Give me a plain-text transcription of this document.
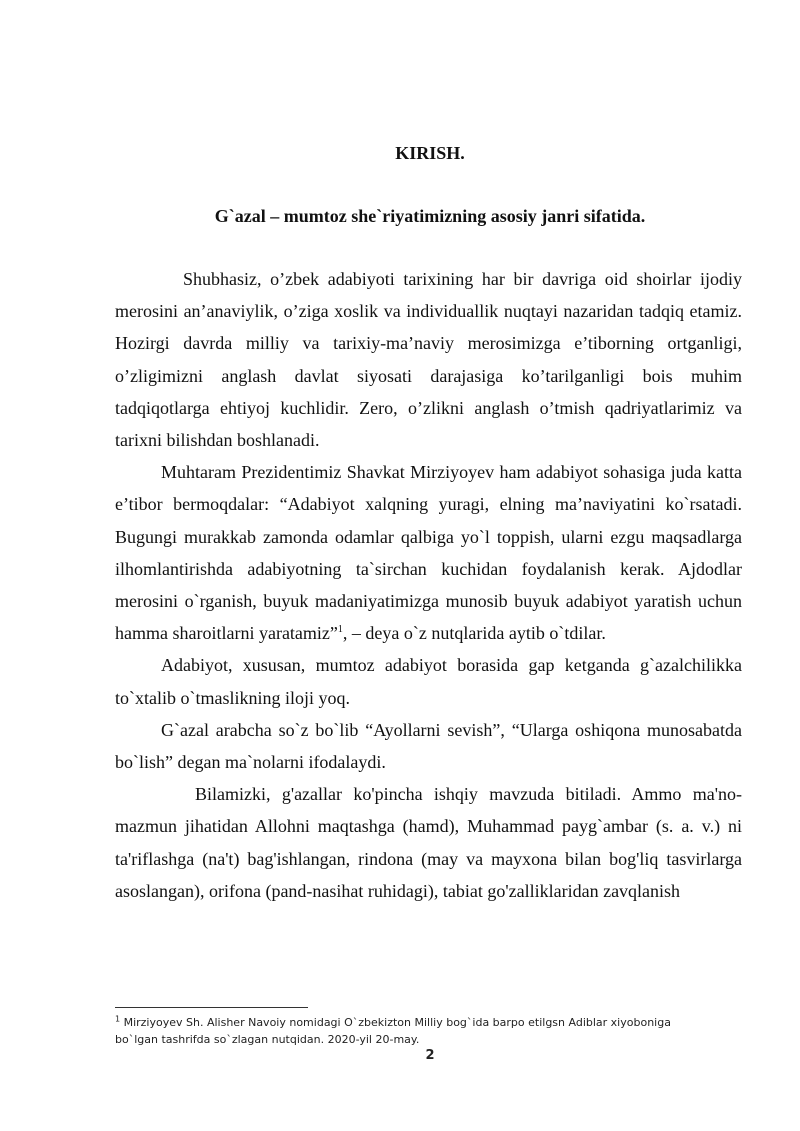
KIRISH.
G`azal – mumtoz she`riyatimizning asosiy janri sifatida.

Shubhasiz, o’zbek adabiyoti tarixining har bir davriga oid shoirlar ijodiy merosini an’anaviylik, o’ziga xoslik va individuallik nuqtayi nazaridan tadqiq etamiz. Hozirgi davrda milliy va tarixiy-ma’naviy merosimizga e’tiborning ortganligi, o’zligimizni anglash davlat siyosati darajasiga ko’tarilganligi bois muhim tadqiqotlarga ehtiyoj kuchlidir. Zero, o’zlikni anglash o’tmish qadriyatlarimiz va tarixni bilishdan boshlanadi.

Muhtaram Prezidentimiz Shavkat Mirziyoyev ham adabiyot sohasiga juda katta e’tibor bermoqdalar: “Adabiyot xalqning yuragi, elning ma’naviyatini ko`rsatadi. Bugungi murakkab zamonda odamlar qalbiga yo`l toppish, ularni ezgu maqsadlarga ilhomlantirishda adabiyotning ta`sirchan kuchidan foydalanish kerak. Ajdodlar merosini o`rganish, buyuk madaniyatimizga munosib buyuk adabiyot yaratish uchun hamma sharoitlarni yaratamiz”$^1$, – deya o`z nutqlarida aytib o`tdilar.

Adabiyot, xususan, mumtoz adabiyot borasida gap ketganda g`azalchilikka to`xtalib o`tmaslikning iloji yoq.

G`azal arabcha so`z bo`lib “Ayollarni sevish”, “Ularga oshiqona munosabatda bo`lish” degan ma`nolarni ifodalaydi.

Bilamizki, g'azallar ko'pincha ishqiy mavzuda bitiladi. Ammo ma'no-mazmun jihatidan Allohni maqtashga (hamd), Muhammad payg`ambar (s. a. v.) ni ta'riflashga (na't) bag'ishlangan, rindona (may va mayxona bilan bog'liq tasvirlarga asoslangan), orifona (pand-nasihat ruhidagi), tabiat go'zalliklaridan zavqlanish

$^1$ Mirziyoyev Sh. Alisher Navoiy nomidagi O`zbekizton Milliy bog`ida barpo etilgsn Adiblar xiyoboniga bo`lgan tashrifda so`zlagan nutqidan. 2020-yil 20-may.

2
